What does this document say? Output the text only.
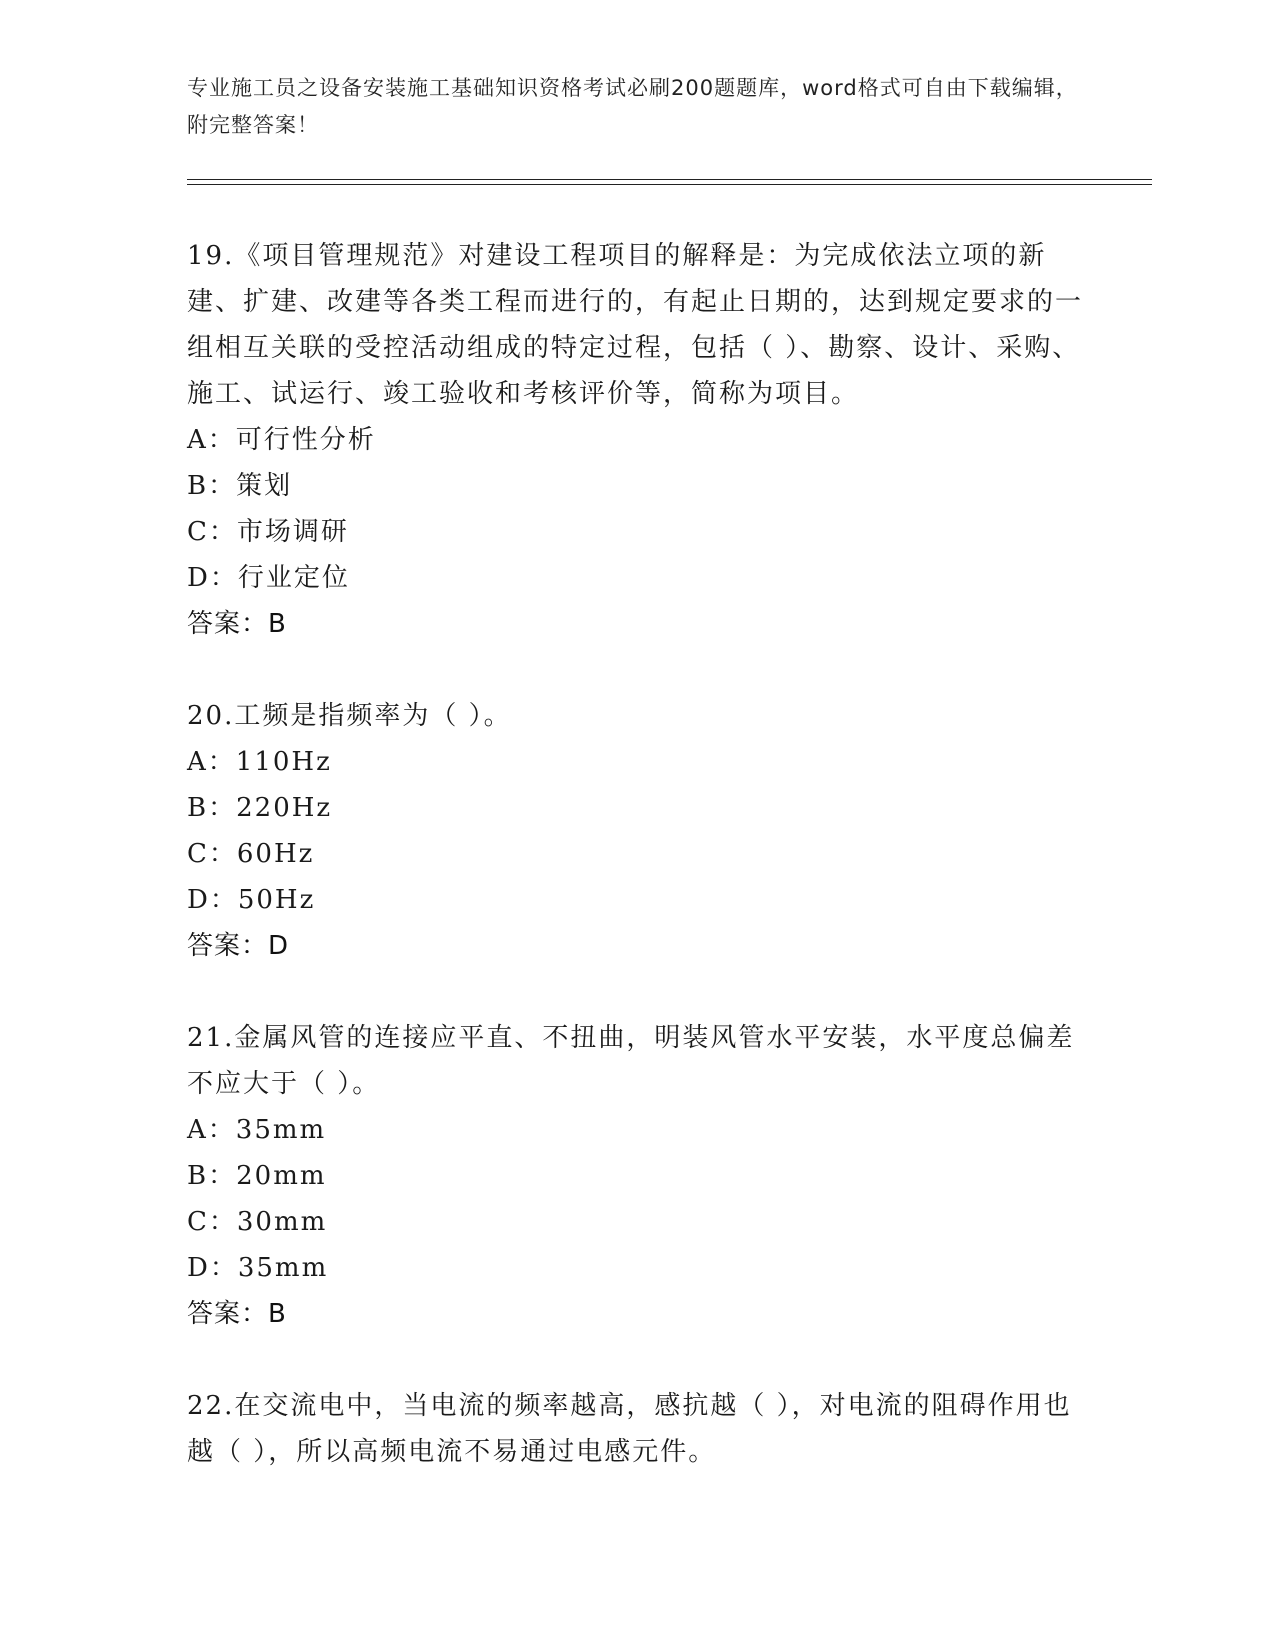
专业施工员之设备安装施工基础知识资格考试必刷200题题库，word格式可自由下载编辑，附完整答案！
19.《项目管理规范》对建设工程项目的解释是：为完成依法立项的新建、扩建、改建等各类工程而进行的，有起止日期的，达到规定要求的一组相互关联的受控活动组成的特定过程，包括（ ）、勘察、设计、采购、施工、试运行、竣工验收和考核评价等，简称为项目。
A：可行性分析
B：策划
C：市场调研
D：行业定位
答案：B
20.工频是指频率为（ ）。
A：110Hz
B：220Hz
C：60Hz
D：50Hz
答案：D
21.金属风管的连接应平直、不扭曲，明装风管水平安装，水平度总偏差不应大于（ ）。
A：35mm
B：20mm
C：30mm
D：35mm
答案：B
22.在交流电中，当电流的频率越高，感抗越（ ），对电流的阻碍作用也越（ ），所以高频电流不易通过电感元件。
